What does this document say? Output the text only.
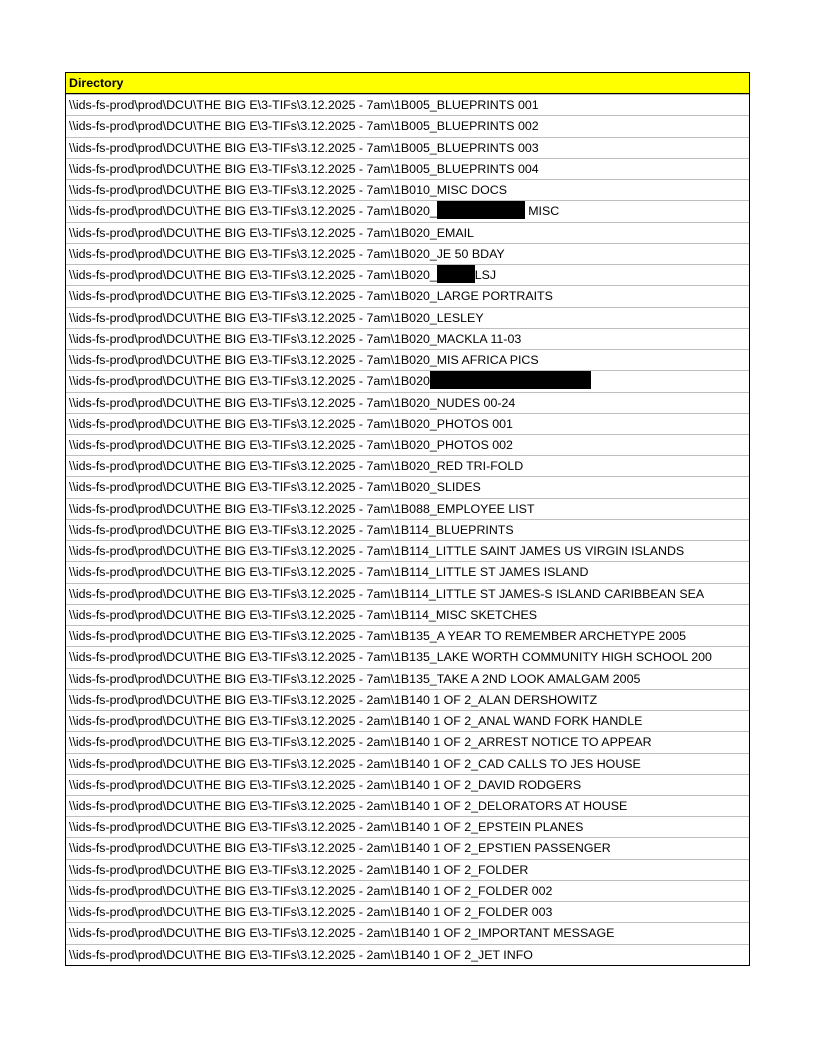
Directory
\\ids-fs-prod\prod\DCU\THE BIG E\3-TIFs\3.12.2025 - 7am\1B005_BLUEPRINTS 001
\\ids-fs-prod\prod\DCU\THE BIG E\3-TIFs\3.12.2025 - 7am\1B005_BLUEPRINTS 002
\\ids-fs-prod\prod\DCU\THE BIG E\3-TIFs\3.12.2025 - 7am\1B005_BLUEPRINTS 003
\\ids-fs-prod\prod\DCU\THE BIG E\3-TIFs\3.12.2025 - 7am\1B005_BLUEPRINTS 004
\\ids-fs-prod\prod\DCU\THE BIG E\3-TIFs\3.12.2025 - 7am\1B010_MISC DOCS
\\ids-fs-prod\prod\DCU\THE BIG E\3-TIFs\3.12.2025 - 7am\1B020_	MISC
\\ids-fs-prod\prod\DCU\THE BIG E\3-TIFs\3.12.2025 - 7am\1B020_EMAIL
\\ids-fs-prod\prod\DCU\THE BIG E\3-TIFs\3.12.2025 - 7am\1B020_JE 50 BDAY
\\ids-fs-prod\prod\DCU\THE BIG E\3-TIFs\3.12.2025 - 7am\1B020_	LSJ
\\ids-fs-prod\prod\DCU\THE BIG E\3-TIFs\3.12.2025 - 7am\1B020_LARGE PORTRAITS
\\ids-fs-prod\prod\DCU\THE BIG E\3-TIFs\3.12.2025 - 7am\1B020_LESLEY
\\ids-fs-prod\prod\DCU\THE BIG E\3-TIFs\3.12.2025 - 7am\1B020_MACKLA 11-03
\\ids-fs-prod\prod\DCU\THE BIG E\3-TIFs\3.12.2025 - 7am\1B020_MIS AFRICA PICS
\\ids-fs-prod\prod\DCU\THE BIG E\3-TIFs\3.12.2025 - 7am\1B020
\\ids-fs-prod\prod\DCU\THE BIG E\3-TIFs\3.12.2025 - 7am\1B020_NUDES 00-24
\\ids-fs-prod\prod\DCU\THE BIG E\3-TIFs\3.12.2025 - 7am\1B020_PHOTOS 001
\\ids-fs-prod\prod\DCU\THE BIG E\3-TIFs\3.12.2025 - 7am\1B020_PHOTOS 002
\\ids-fs-prod\prod\DCU\THE BIG E\3-TIFs\3.12.2025 - 7am\1B020_RED TRI-FOLD
\\ids-fs-prod\prod\DCU\THE BIG E\3-TIFs\3.12.2025 - 7am\1B020_SLIDES
\\ids-fs-prod\prod\DCU\THE BIG E\3-TIFs\3.12.2025 - 7am\1B088_EMPLOYEE LIST
\\ids-fs-prod\prod\DCU\THE BIG E\3-TIFs\3.12.2025 - 7am\1B114_BLUEPRINTS
\\ids-fs-prod\prod\DCU\THE BIG E\3-TIFs\3.12.2025 - 7am\1B114_LITTLE SAINT JAMES US VIRGIN ISLANDS
\\ids-fs-prod\prod\DCU\THE BIG E\3-TIFs\3.12.2025 - 7am\1B114_LITTLE ST JAMES ISLAND
\\ids-fs-prod\prod\DCU\THE BIG E\3-TIFs\3.12.2025 - 7am\1B114_LITTLE ST JAMES-S ISLAND CARIBBEAN SEA
\\ids-fs-prod\prod\DCU\THE BIG E\3-TIFs\3.12.2025 - 7am\1B114_MISC SKETCHES
\\ids-fs-prod\prod\DCU\THE BIG E\3-TIFs\3.12.2025 - 7am\1B135_A YEAR TO REMEMBER ARCHETYPE 2005
\\ids-fs-prod\prod\DCU\THE BIG E\3-TIFs\3.12.2025 - 7am\1B135_LAKE WORTH COMMUNITY HIGH SCHOOL 200
\\ids-fs-prod\prod\DCU\THE BIG E\3-TIFs\3.12.2025 - 7am\1B135_TAKE A 2ND LOOK AMALGAM 2005
\\ids-fs-prod\prod\DCU\THE BIG E\3-TIFs\3.12.2025 - 2am\1B140 1 OF 2_ALAN DERSHOWITZ
\\ids-fs-prod\prod\DCU\THE BIG E\3-TIFs\3.12.2025 - 2am\1B140 1 OF 2_ANAL WAND FORK HANDLE
\\ids-fs-prod\prod\DCU\THE BIG E\3-TIFs\3.12.2025 - 2am\1B140 1 OF 2_ARREST NOTICE TO APPEAR
\\ids-fs-prod\prod\DCU\THE BIG E\3-TIFs\3.12.2025 - 2am\1B140 1 OF 2_CAD CALLS TO JES HOUSE
\\ids-fs-prod\prod\DCU\THE BIG E\3-TIFs\3.12.2025 - 2am\1B140 1 OF 2_DAVID RODGERS
\\ids-fs-prod\prod\DCU\THE BIG E\3-TIFs\3.12.2025 - 2am\1B140 1 OF 2_DELORATORS AT HOUSE
\\ids-fs-prod\prod\DCU\THE BIG E\3-TIFs\3.12.2025 - 2am\1B140 1 OF 2_EPSTEIN PLANES
\\ids-fs-prod\prod\DCU\THE BIG E\3-TIFs\3.12.2025 - 2am\1B140 1 OF 2_EPSTIEN PASSENGER
\\ids-fs-prod\prod\DCU\THE BIG E\3-TIFs\3.12.2025 - 2am\1B140 1 OF 2_FOLDER
\\ids-fs-prod\prod\DCU\THE BIG E\3-TIFs\3.12.2025 - 2am\1B140 1 OF 2_FOLDER 002
\\ids-fs-prod\prod\DCU\THE BIG E\3-TIFs\3.12.2025 - 2am\1B140 1 OF 2_FOLDER 003
\\ids-fs-prod\prod\DCU\THE BIG E\3-TIFs\3.12.2025 - 2am\1B140 1 OF 2_IMPORTANT MESSAGE
\\ids-fs-prod\prod\DCU\THE BIG E\3-TIFs\3.12.2025 - 2am\1B140 1 OF 2_JET INFO
